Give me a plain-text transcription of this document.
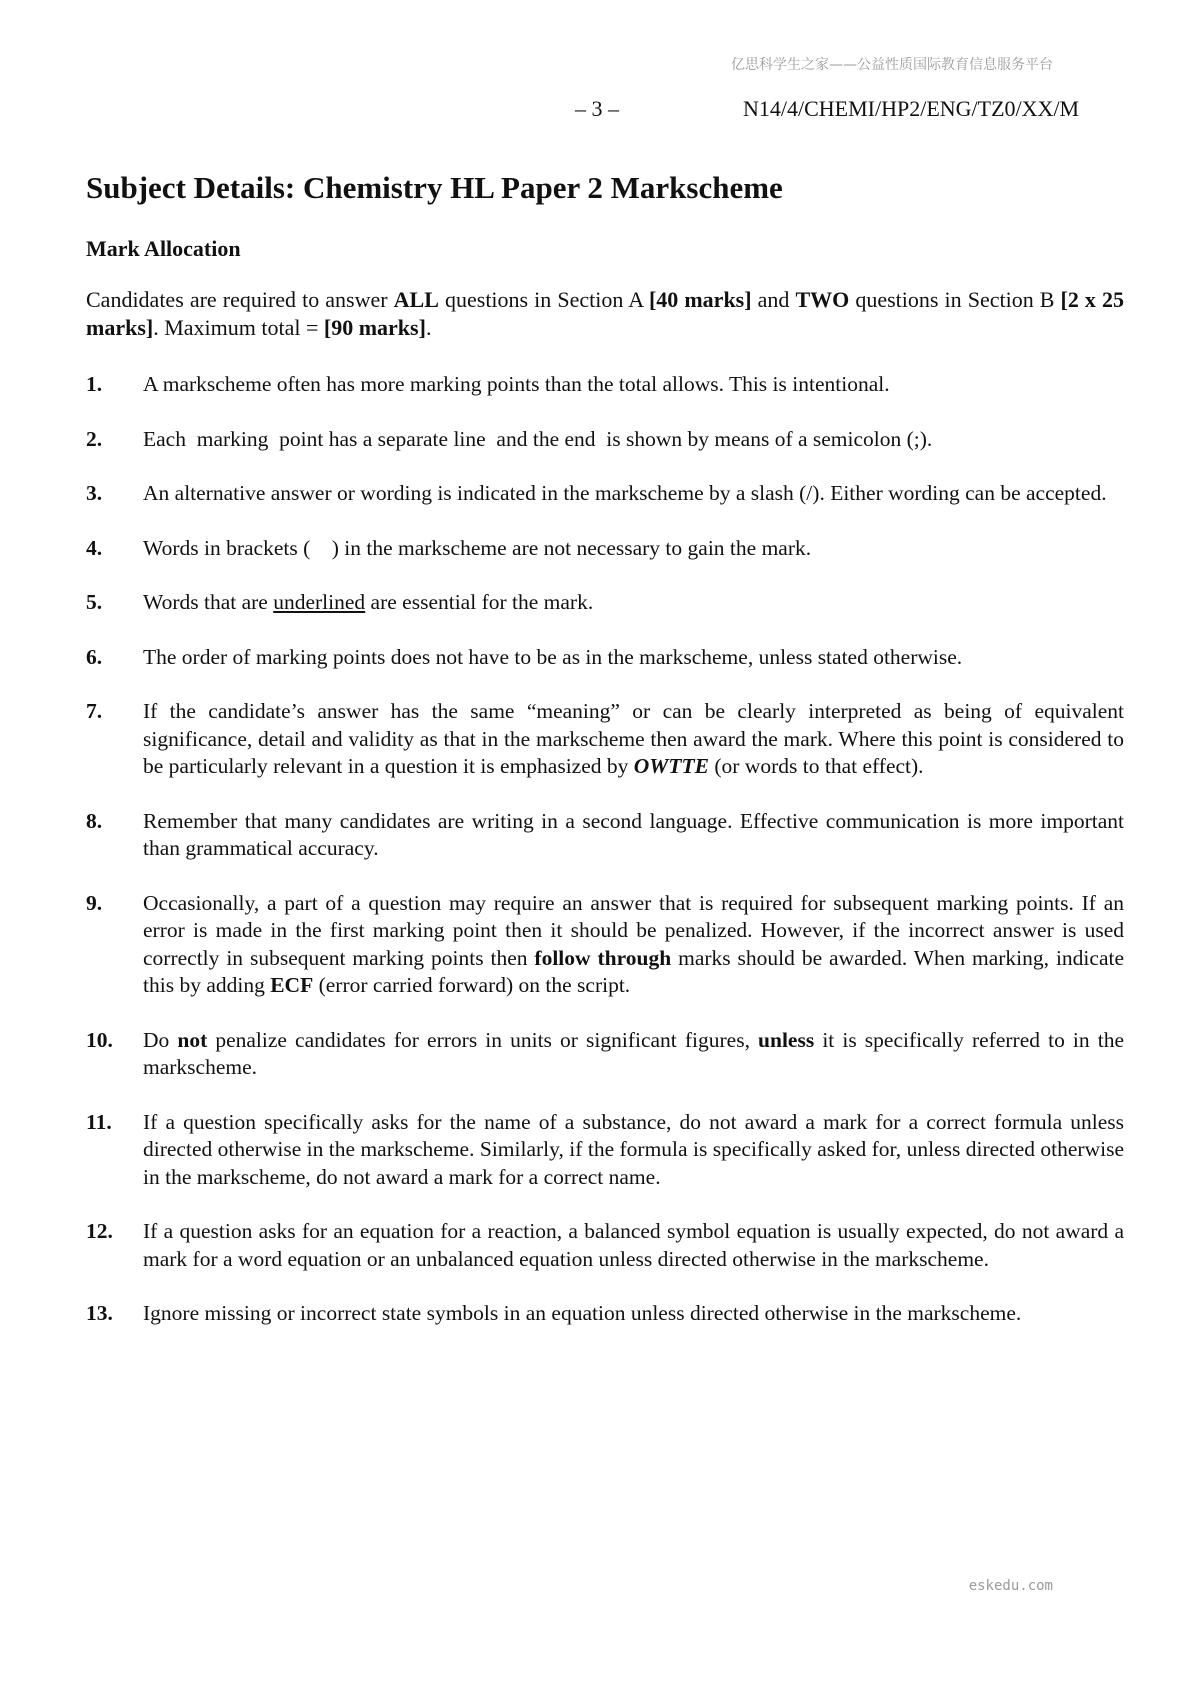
亿思科学生之家——公益性质国际教育信息服务平台
– 3 –	N14/4/CHEMI/HP2/ENG/TZ0/XX/M
Subject Details: Chemistry HL Paper 2 Markscheme
Mark Allocation

Candidates are required to answer ALL questions in Section A [40 marks] and TWO questions in Section B [2 x 25 marks]. Maximum total = [90 marks].

1.	A markscheme often has more marking points than the total allows. This is intentional.
2.	Each  marking  point has a separate line  and the end  is shown by means of a semicolon (;).
3.	An alternative answer or wording is indicated in the markscheme by a slash (/). Either wording can be accepted.
4.	Words in brackets (    ) in the markscheme are not necessary to gain the mark.
5.	Words that are underlined are essential for the mark.
6.	The order of marking points does not have to be as in the markscheme, unless stated otherwise.
7.	If the candidate’s answer has the same “meaning” or can be clearly interpreted as being of equivalent significance, detail and validity as that in the markscheme then award the mark. Where this point is considered to be particularly relevant in a question it is emphasized by OWTTE (or words to that effect).
8.	Remember that many candidates are writing in a second language. Effective communication is more important than grammatical accuracy.
9.	Occasionally, a part of a question may require an answer that is required for subsequent marking points. If an error is made in the first marking point then it should be penalized. However, if the incorrect answer is used correctly in subsequent marking points then follow through marks should be awarded. When marking, indicate this by adding ECF (error carried forward) on the script.
10.	Do not penalize candidates for errors in units or significant figures, unless it is specifically referred to in the markscheme.
11.	If a question specifically asks for the name of a substance, do not award a mark for a correct formula unless directed otherwise in the markscheme. Similarly, if the formula is specifically asked for, unless directed otherwise in the markscheme, do not award a mark for a correct name.
12.	If a question asks for an equation for a reaction, a balanced symbol equation is usually expected, do not award a mark for a word equation or an unbalanced equation unless directed otherwise in the markscheme.
13.	Ignore missing or incorrect state symbols in an equation unless directed otherwise in the markscheme.
eskedu.com
